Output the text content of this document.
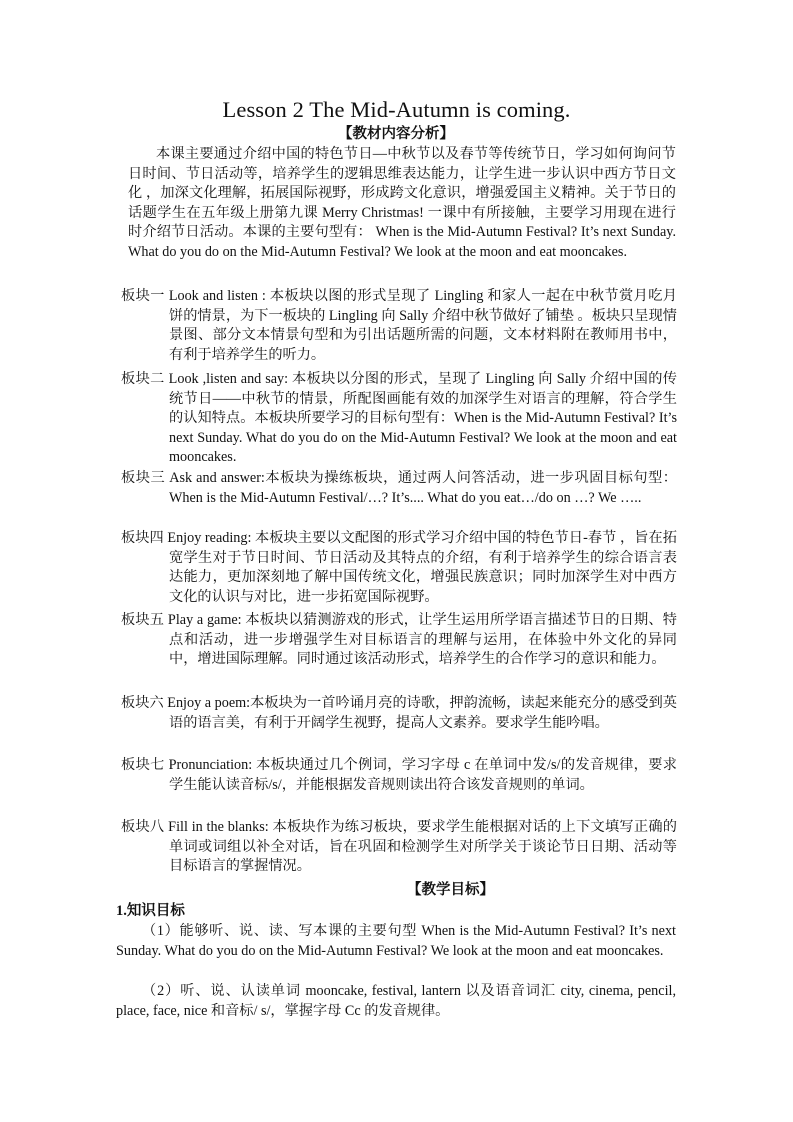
Lesson 2 The Mid-Autumn is coming.
【教材内容分析】
本课主要通过介绍中国的特色节日—中秋节以及春节等传统节日，学习如何询问节日时间、节日活动等，培养学生的逻辑思维表达能力，让学生进一步认识中西方节日文化 ，加深文化理解，拓展国际视野，形成跨文化意识，增强爱国主义精神。关于节日的话题学生在五年级上册第九课 Merry Christmas! 一课中有所接触，主要学习用现在进行时介绍节日活动。本课的主要句型有： When is the Mid-Autumn Festival? It’s next Sunday. What do you do on the Mid-Autumn Festival? We look at the moon and eat mooncakes.
板块一 Look and listen : 本板块以图的形式呈现了 Lingling 和家人一起在中秋节赏月吃月饼的情景，为下一板块的 Lingling 向 Sally 介绍中秋节做好了铺垫 。板块只呈现情景图、部分文本情景句型和为引出话题所需的问题，文本材料附在教师用书中，有利于培养学生的听力。
板块二 Look ,listen and say: 本板块以分图的形式，呈现了 Lingling 向 Sally 介绍中国的传统节日——中秋节的情景，所配图画能有效的加深学生对语言的理解，符合学生的认知特点。本板块所要学习的目标句型有：When is the Mid-Autumn Festival? It’s next Sunday. What do you do on the Mid-Autumn Festival? We look at the moon and eat mooncakes.
板块三 Ask and answer:本板块为操练板块，通过两人问答活动，进一步巩固目标句型：When is the Mid-Autumn Festival/…? It’s.... What do you eat…/do on …? We …..
板块四 Enjoy reading: 本板块主要以文配图的形式学习介绍中国的特色节日-春节 ，旨在拓宽学生对于节日时间、节日活动及其特点的介绍，有利于培养学生的综合语言表达能力，更加深刻地了解中国传统文化，增强民族意识；同时加深学生对中西方文化的认识与对比，进一步拓宽国际视野。
板块五 Play a game: 本板块以猜测游戏的形式，让学生运用所学语言描述节日的日期、特点和活动，进一步增强学生对目标语言的理解与运用，在体验中外文化的异同中，增进国际理解。同时通过该活动形式，培养学生的合作学习的意识和能力。
板块六 Enjoy a poem:本板块为一首吟诵月亮的诗歌，押韵流畅，读起来能充分的感受到英语的语言美，有利于开阔学生视野，提高人文素养。要求学生能吟唱。
板块七 Pronunciation: 本板块通过几个例词，学习字母 c 在单词中发/s/的发音规律，要求学生能认读音标/s/，并能根据发音规则读出符合该发音规则的单词。
板块八 Fill in the blanks: 本板块作为练习板块，要求学生能根据对话的上下文填写正确的单词或词组以补全对话，旨在巩固和检测学生对所学关于谈论节日日期、活动等目标语言的掌握情况。
【教学目标】
1.知识目标
（1）能够听、说、读、写本课的主要句型 When is the Mid-Autumn Festival? It’s next Sunday. What do you do on the Mid-Autumn Festival? We look at the moon and eat mooncakes.
（2）听、说、认读单词 mooncake, festival, lantern 以及语音词汇 city, cinema, pencil, place, face, nice 和音标/ s/，掌握字母 Cc 的发音规律。
